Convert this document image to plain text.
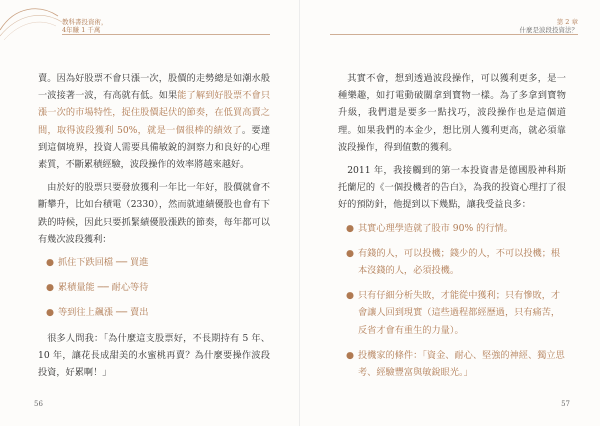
教科書投資術，
4年賺 1 千萬

賣。因為好股票不會只漲一次，股價的走勢總是如潮水般一波接著一波，有高就有低。如果能了解到好股票不會只漲一次的市場特性，捉住股價起伏的節奏，在低買高賣之間，取得波段獲利 50%，就是一個很棒的績效了。要達到這個境界，投資人需要具備敏銳的洞察力和良好的心理素質，不斷累積經驗，波段操作的效率將越來越好。

由於好的股票只要發放獲利一年比一年好，股價就會不斷攀升，比如台積電（2330），然而就連績優股也會有下跌的時候，因此只要抓緊績優股漲跌的節奏，每年都可以有幾次波段獲利：

● 抓住下跌回檔 ── 買進
● 累積量能 ── 耐心等待
● 等到往上飆漲 ── 賣出

很多人問我：「為什麼這支股票好，不長期持有 5 年、10 年，讓花長成甜美的水蜜桃再賣？為什麼要操作波段投資，好累啊！」

56
第 2 章
什麼是波段投資法？

其實不會，想到透過波段操作，可以獲利更多，是一種樂趣，如打電動破關拿到寶物一樣。為了多拿到寶物升級，我們還是要多一點找巧，波段操作也是這個道理。如果我們的本金少，想比別人獲利更高，就必須靠波段操作，得到值數的獲利。

2011 年，我接觸到的第一本投資書是德國股神科斯托蘭尼的《一個投機者的告白》，為我的投資心理打了很好的預防針，他提到以下幾點，讓我受益良多：

● 其實心理學造就了股市 90% 的行情。
● 有錢的人，可以投機；錢少的人，不可以投機；根本沒錢的人，必須投機。
● 只有仔細分析失敗，才能從中獲利；只有慘敗，才會讓人回到現實（這些過程都經歷過，只有痛苦，反省才會有重生的力量）。
● 投機家的條件：「資金、耐心、堅強的神經、獨立思考、經驗豐富與敏銳眼光。」
57
